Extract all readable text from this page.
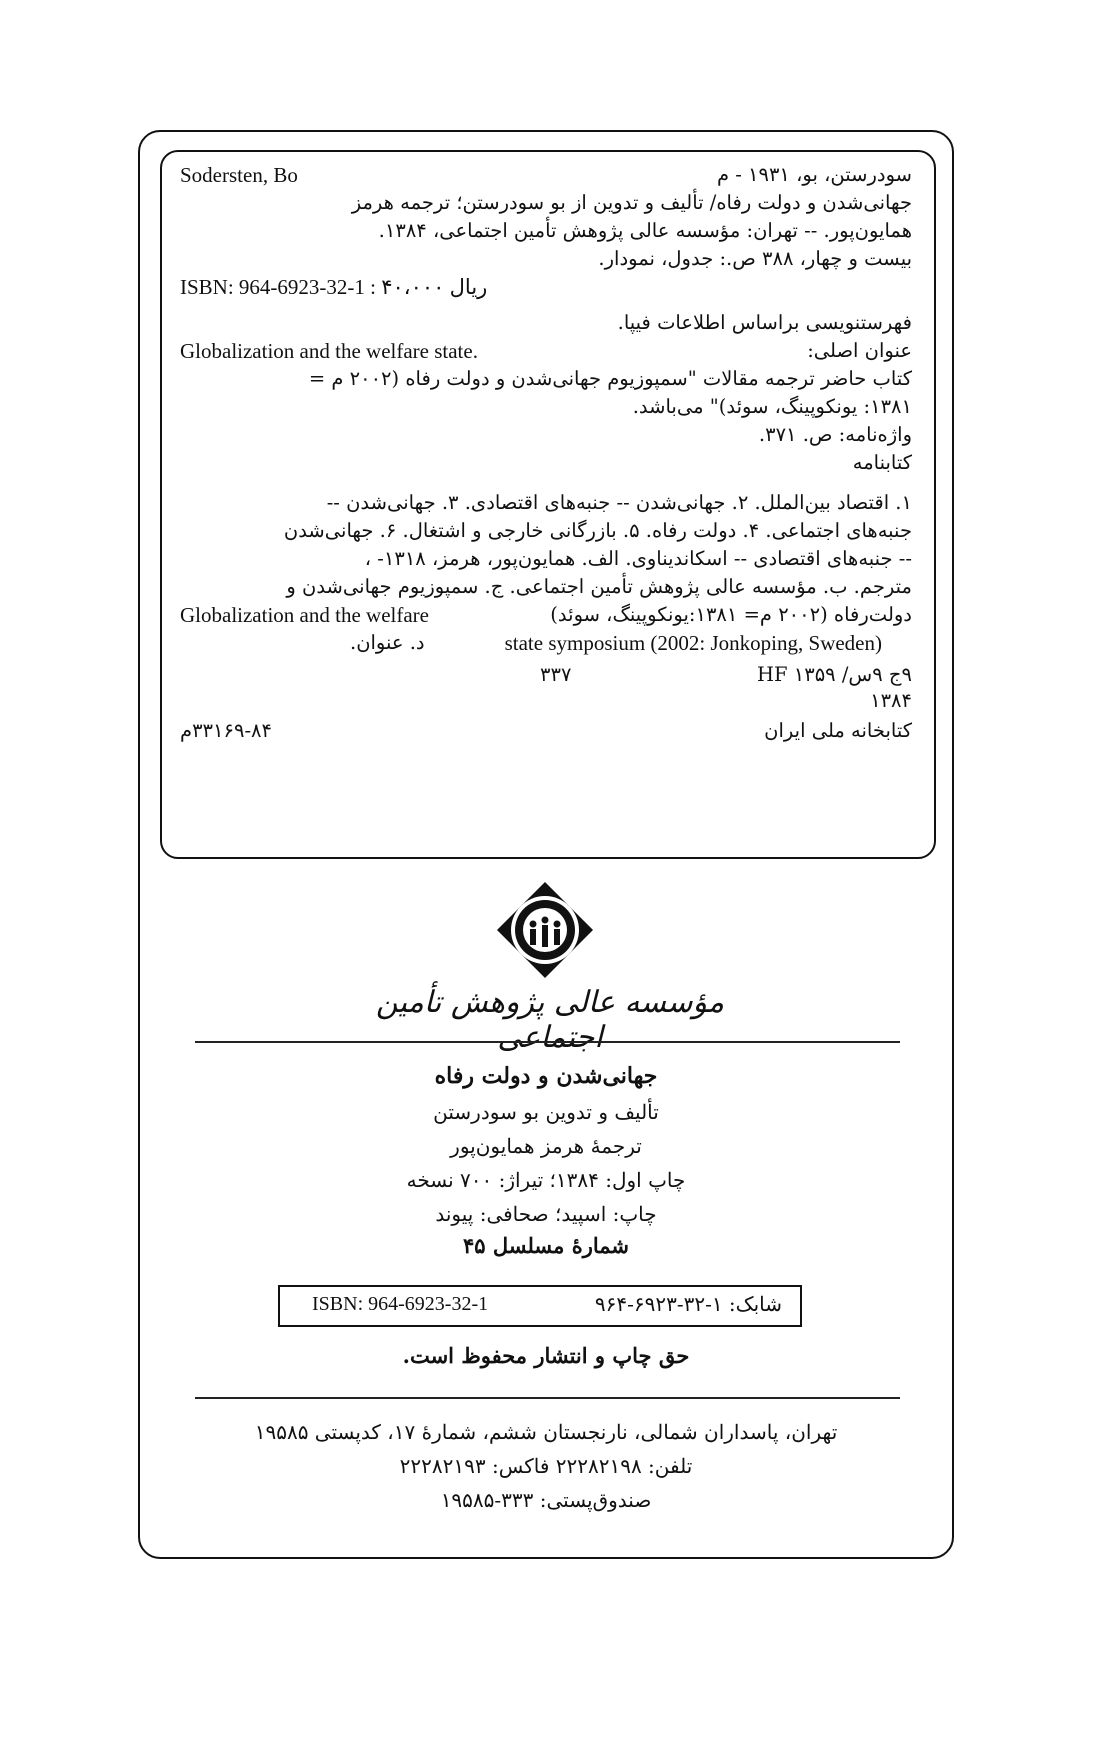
Sodersten, Bo	سودرستن، بو، ۱۹۳۱ - م
جهانی‌شدن و دولت رفاه/ تألیف و تدوین از بو سودرستن؛ ترجمه هرمز
همایون‌پور. -- تهران: مؤسسه عالی پژوهش تأمین اجتماعی، ۱۳۸۴.
بیست و چهار، ۳۸۸ ص.: جدول، نمودار.
ISBN: 964-6923-32-1 : ۴۰،۰۰۰ ریال
فهرستنویسی براساس اطلاعات فیپا.
عنوان اصلی:
Globalization and the welfare state.
کتاب حاضر ترجمه مقالات "سمپوزیوم جهانی‌شدن و دولت رفاه (۲۰۰۲ م =
۱۳۸۱: یونکوپینگ، سوئد)" می‌باشد.
واژه‌نامه: ص. ۳۷۱.
کتابنامه
۱. اقتصاد بین‌الملل. ۲. جهانی‌شدن -- جنبه‌های اقتصادی. ۳. جهانی‌شدن --
جنبه‌های اجتماعی. ۴. دولت رفاه. ۵. بازرگانی خارجی و اشتغال. ۶. جهانی‌شدن
-- جنبه‌های اقتصادی -- اسکاندیناوی. الف. همایون‌پور، هرمز، ۱۳۱۸- ،
مترجم. ب. مؤسسه عالی پژوهش تأمین اجتماعی. ج. سمپوزیوم جهانی‌شدن و
دولت‌رفاه (۲۰۰۲ م= ۱۳۸۱:یونکوپینگ، سوئد)
Globalization and the welfare
state symposium (2002: Jonkoping, Sweden)
د. عنوان.
۹ج ۹س/ ۱۳۵۹ HF
۳۳۷
۱۳۸۴
کتابخانه ملی ایران
۳۳۱۶۹-۸۴م
مؤسسه عالی پژوهش تأمین اجتماعی
جهانی‌شدن و دولت رفاه
تألیف و تدوین بو سودرستن
ترجمهٔ هرمز همایون‌پور
چاپ اول: ۱۳۸۴؛ تیراژ: ۷۰۰ نسخه
چاپ: اسپید؛ صحافی: پیوند
شمارهٔ مسلسل ۴۵
ISBN: 964-6923-32-1	شابک: ۱-۳۲-۶۹۲۳-۹۶۴
حق چاپ و انتشار محفوظ است.
تهران، پاسداران شمالی، نارنجستان ششم، شمارهٔ ۱۷، کدپستی ۱۹۵۸۵
تلفن: ۲۲۲۸۲۱۹۸ فاکس: ۲۲۲۸۲۱۹۳
صندوق‌پستی: ۳۳۳-۱۹۵۸۵
